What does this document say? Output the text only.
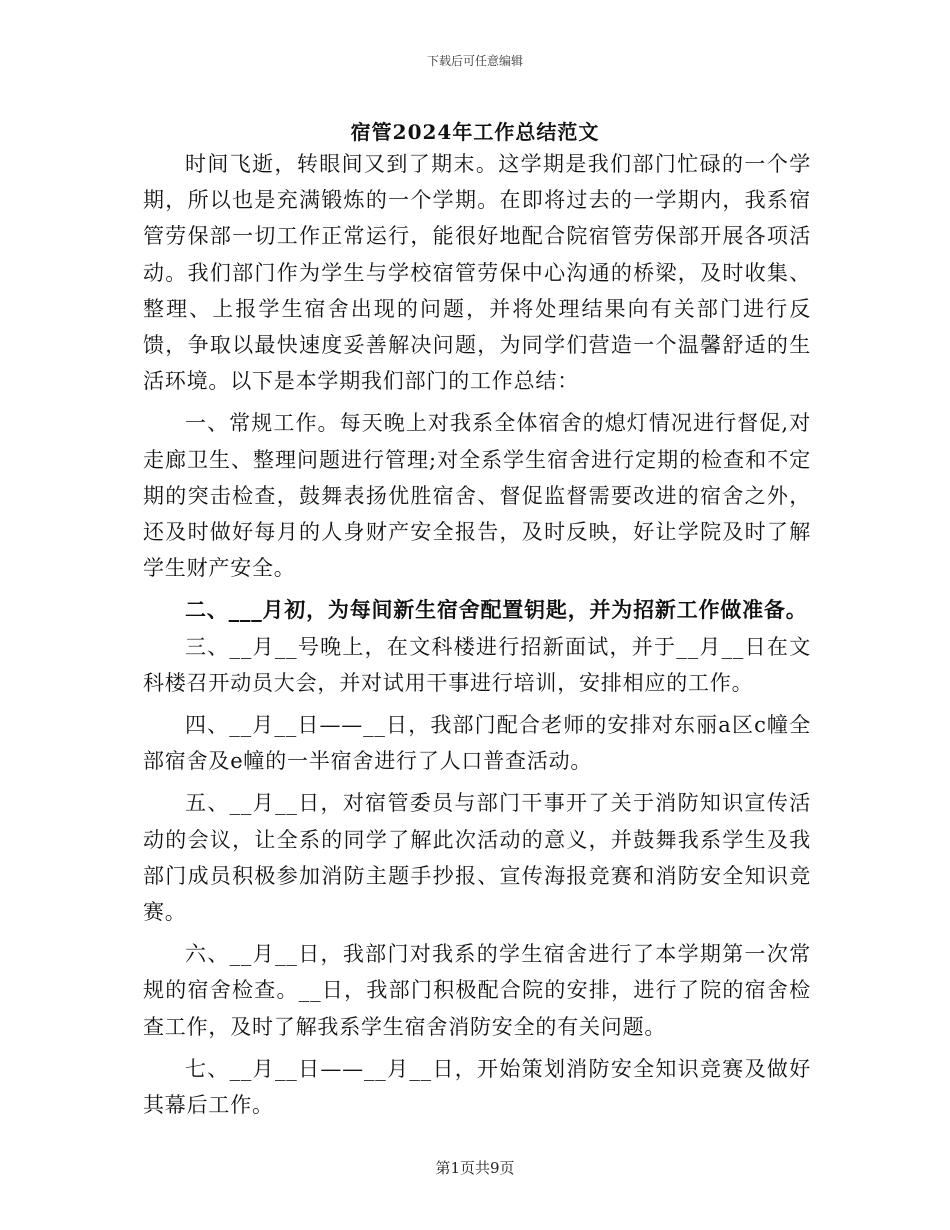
下载后可任意编辑
宿管2024年工作总结范文

时间飞逝，转眼间又到了期末。这学期是我们部门忙碌的一个学期，所以也是充满锻炼的一个学期。在即将过去的一学期内，我系宿管劳保部一切工作正常运行，能很好地配合院宿管劳保部开展各项活动。我们部门作为学生与学校宿管劳保中心沟通的桥梁，及时收集、整理、上报学生宿舍出现的问题，并将处理结果向有关部门进行反馈，争取以最快速度妥善解决问题，为同学们营造一个温馨舒适的生活环境。以下是本学期我们部门的工作总结：

一、常规工作。每天晚上对我系全体宿舍的熄灯情况进行督促,对走廊卫生、整理问题进行管理;对全系学生宿舍进行定期的检查和不定期的突击检查，鼓舞表扬优胜宿舍、督促监督需要改进的宿舍之外，还及时做好每月的人身财产安全报告，及时反映，好让学院及时了解学生财产安全。

二、___月初，为每间新生宿舍配置钥匙，并为招新工作做准备。

三、__月__号晚上，在文科楼进行招新面试，并于__月__日在文科楼召开动员大会，并对试用干事进行培训，安排相应的工作。

四、__月__日——__日，我部门配合老师的安排对东丽a区c幢全部宿舍及e幢的一半宿舍进行了人口普查活动。

五、__月__日，对宿管委员与部门干事开了关于消防知识宣传活动的会议，让全系的同学了解此次活动的意义，并鼓舞我系学生及我部门成员积极参加消防主题手抄报、宣传海报竞赛和消防安全知识竞赛。

六、__月__日，我部门对我系的学生宿舍进行了本学期第一次常规的宿舍检查。__日，我部门积极配合院的安排，进行了院的宿舍检查工作，及时了解我系学生宿舍消防安全的有关问题。

七、__月__日——__月__日，开始策划消防安全知识竞赛及做好其幕后工作。

第1页共9页
